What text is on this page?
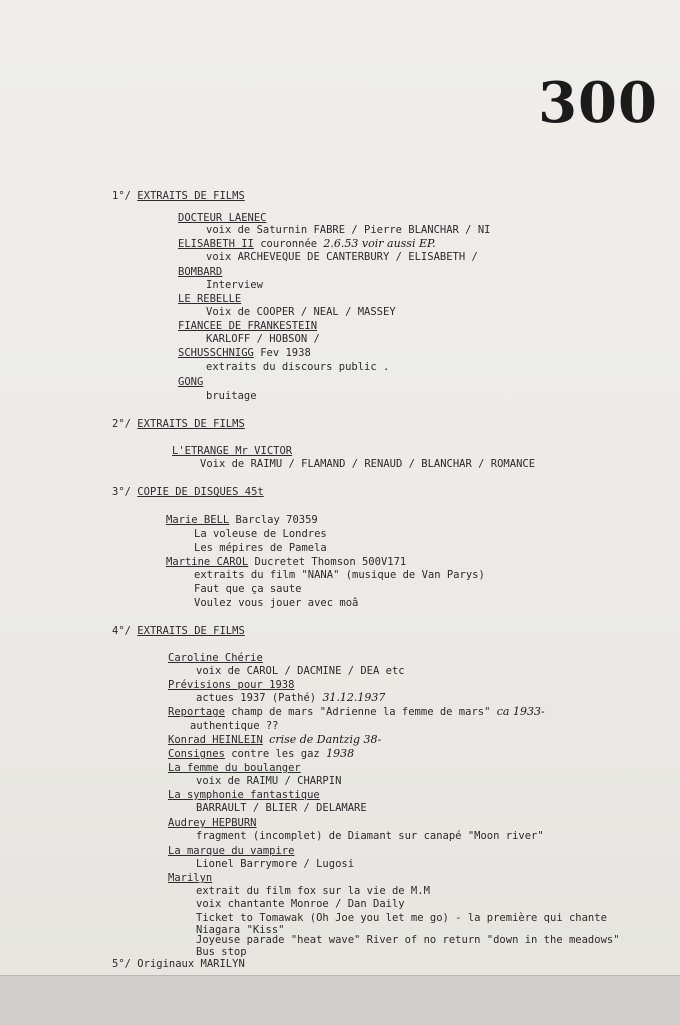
300
1°/ EXTRAITS DE FILMS
DOCTEUR LAENEC
voix de Saturnin FABRE / Pierre BLANCHAR / NI
ELISABETH II couronnée 2.6.53 voir aussi EP.
voix ARCHEVEQUE DE CANTERBURY / ELISABETH /
BOMBARD
Interview
LE REBELLE
Voix de COOPER / NEAL / MASSEY
FIANCEE DE FRANKESTEIN
KARLOFF / HOBSON /
SCHUSSCHNIGG Fev 1938
extraits du discours public .
GONG
bruitage
2°/ EXTRAITS DE FILMS
L'ETRANGE Mr VICTOR
Voix de RAIMU / FLAMAND / RENAUD / BLANCHAR / ROMANCE
3°/ COPIE DE DISQUES 45t
Marie BELL Barclay 70359
La voleuse de Londres
Les mépires de Pamela
Martine CAROL Ducretet Thomson 500V171
extraits du film "NANA" (musique de Van Parys)
Faut que ça saute
Voulez vous jouer avec moâ
4°/ EXTRAITS DE FILMS
Caroline Chérie
voix de CAROL / DACMINE / DEA etc
Prévisions pour 1938
actues 1937 (Pathé) 31.12.1937
Reportage champ de mars "Adrienne la femme de mars" ca 1933-
authentique ??
Konrad HEINLEIN crise de Dantzig 38-
Consignes contre les gaz 1938
La femme du boulanger
voix de RAIMU / CHARPIN
La symphonie fantastique
BARRAULT / BLIER / DELAMARE
Audrey HEPBURN
fragment (incomplet) de Diamant sur canapé "Moon river"
La marque du vampire
Lionel Barrymore / Lugosi
Marilyn
extrait du film fox sur la vie de M.M
voix chantante Monroe / Dan Daily
Ticket to Tomawak (Oh Joe you let me go) - la première qui chante
Niagara "Kiss"
Joyeuse parade "heat wave" River of no return "down in the meadows"
Bus stop
5°/ Originaux MARILYN
